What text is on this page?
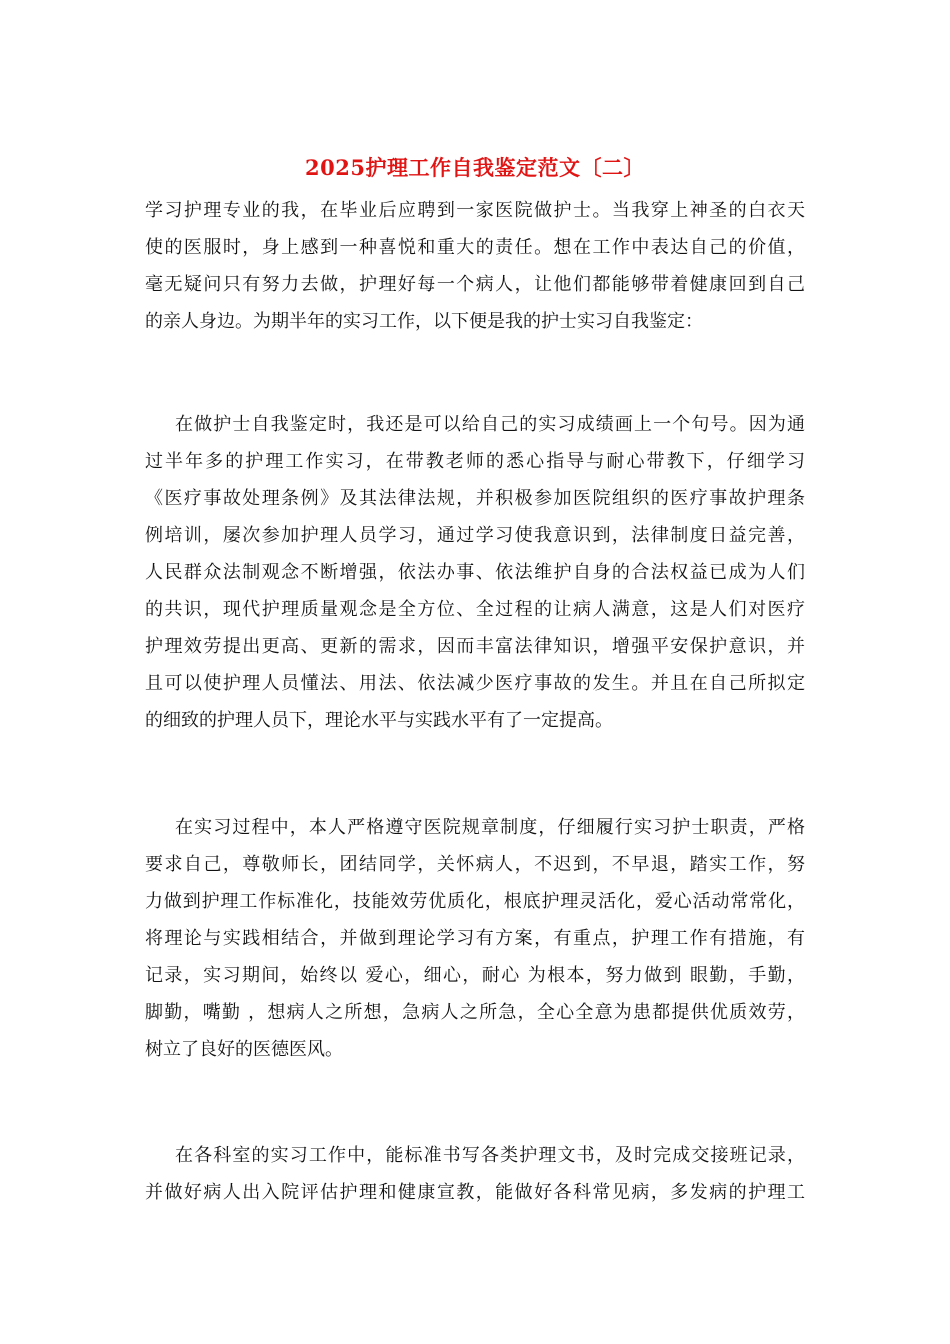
2025护理工作自我鉴定范文〔二〕
学习护理专业的我，在毕业后应聘到一家医院做护士。当我穿上神圣的白衣天
使的医服时，身上感到一种喜悦和重大的责任。想在工作中表达自己的价值，
毫无疑问只有努力去做，护理好每一个病人，让他们都能够带着健康回到自己
的亲人身边。为期半年的实习工作，以下便是我的护士实习自我鉴定：
在做护士自我鉴定时，我还是可以给自己的实习成绩画上一个句号。因为通
过半年多的护理工作实习，在带教老师的悉心指导与耐心带教下，仔细学习
《医疗事故处理条例》及其法律法规，并积极参加医院组织的医疗事故护理条
例培训，屡次参加护理人员学习，通过学习使我意识到，法律制度日益完善，
人民群众法制观念不断增强，依法办事、依法维护自身的合法权益已成为人们
的共识，现代护理质量观念是全方位、全过程的让病人满意，这是人们对医疗
护理效劳提出更高、更新的需求，因而丰富法律知识，增强平安保护意识，并
且可以使护理人员懂法、用法、依法减少医疗事故的发生。并且在自己所拟定
的细致的护理人员下，理论水平与实践水平有了一定提高。
在实习过程中，本人严格遵守医院规章制度，仔细履行实习护士职责，严格
要求自己，尊敬师长，团结同学，关怀病人，不迟到，不早退，踏实工作，努
力做到护理工作标准化，技能效劳优质化，根底护理灵活化，爱心活动常常化，
将理论与实践相结合，并做到理论学习有方案，有重点，护理工作有措施，有
记录，实习期间，始终以 爱心，细心，耐心 为根本，努力做到 眼勤，手勤，
脚勤，嘴勤 ，想病人之所想，急病人之所急，全心全意为患都提供优质效劳，
树立了良好的医德医风。
在各科室的实习工作中，能标准书写各类护理文书，及时完成交接班记录，
并做好病人出入院评估护理和健康宣教，能做好各科常见病，多发病的护理工
